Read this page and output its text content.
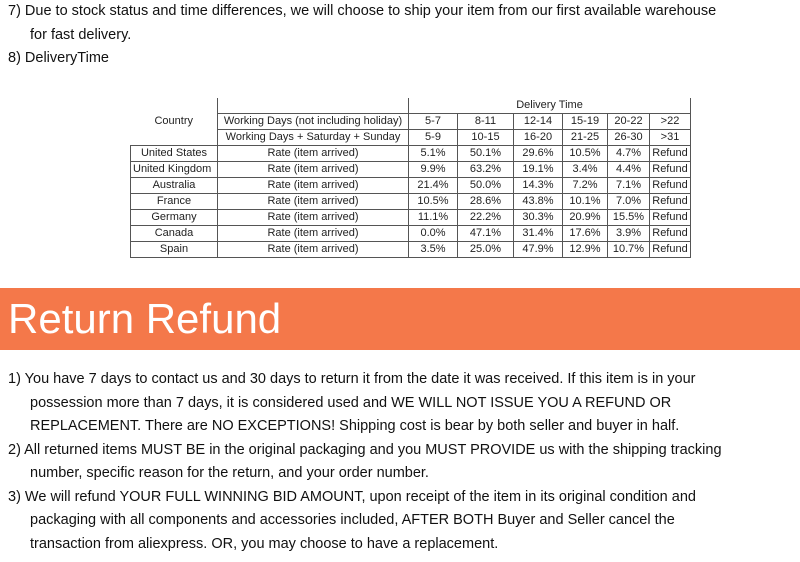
7) Due to stock status and time differences, we will choose to ship your item from our first available warehouse
for fast delivery.
8) DeliveryTime
Country		Delivery Time					
	Working Days (not including holiday)	5-7	8-11	12-14	15-19	20-22	>22
	Working Days + Saturday + Sunday	5-9	10-15	16-20	21-25	26-30	>31
United States	Rate (item arrived)	5.1%	50.1%	29.6%	10.5%	4.7%	Refund
United Kingdom	Rate (item arrived)	9.9%	63.2%	19.1%	3.4%	4.4%	Refund
Australia	Rate (item arrived)	21.4%	50.0%	14.3%	7.2%	7.1%	Refund
France	Rate (item arrived)	10.5%	28.6%	43.8%	10.1%	7.0%	Refund
Germany	Rate (item arrived)	11.1%	22.2%	30.3%	20.9%	15.5%	Refund
Canada	Rate (item arrived)	0.0%	47.1%	31.4%	17.6%	3.9%	Refund
Spain	Rate (item arrived)	3.5%	25.0%	47.9%	12.9%	10.7%	Refund
Return Refund
1) You have 7 days to contact us and 30 days to return it from the date it was received. If this item is in your
possession more than 7 days, it is considered used and WE WILL NOT ISSUE YOU A REFUND OR
REPLACEMENT. There are NO EXCEPTIONS! Shipping cost is bear by both seller and buyer in half.
2) All returned items MUST BE in the original packaging and you MUST PROVIDE us with the shipping tracking
number, specific reason for the return, and your order number.
3) We will refund YOUR FULL WINNING BID AMOUNT, upon receipt of the item in its original condition and
packaging with all components and accessories included, AFTER BOTH Buyer and Seller cancel the
transaction from aliexpress. OR, you may choose to have a replacement.
